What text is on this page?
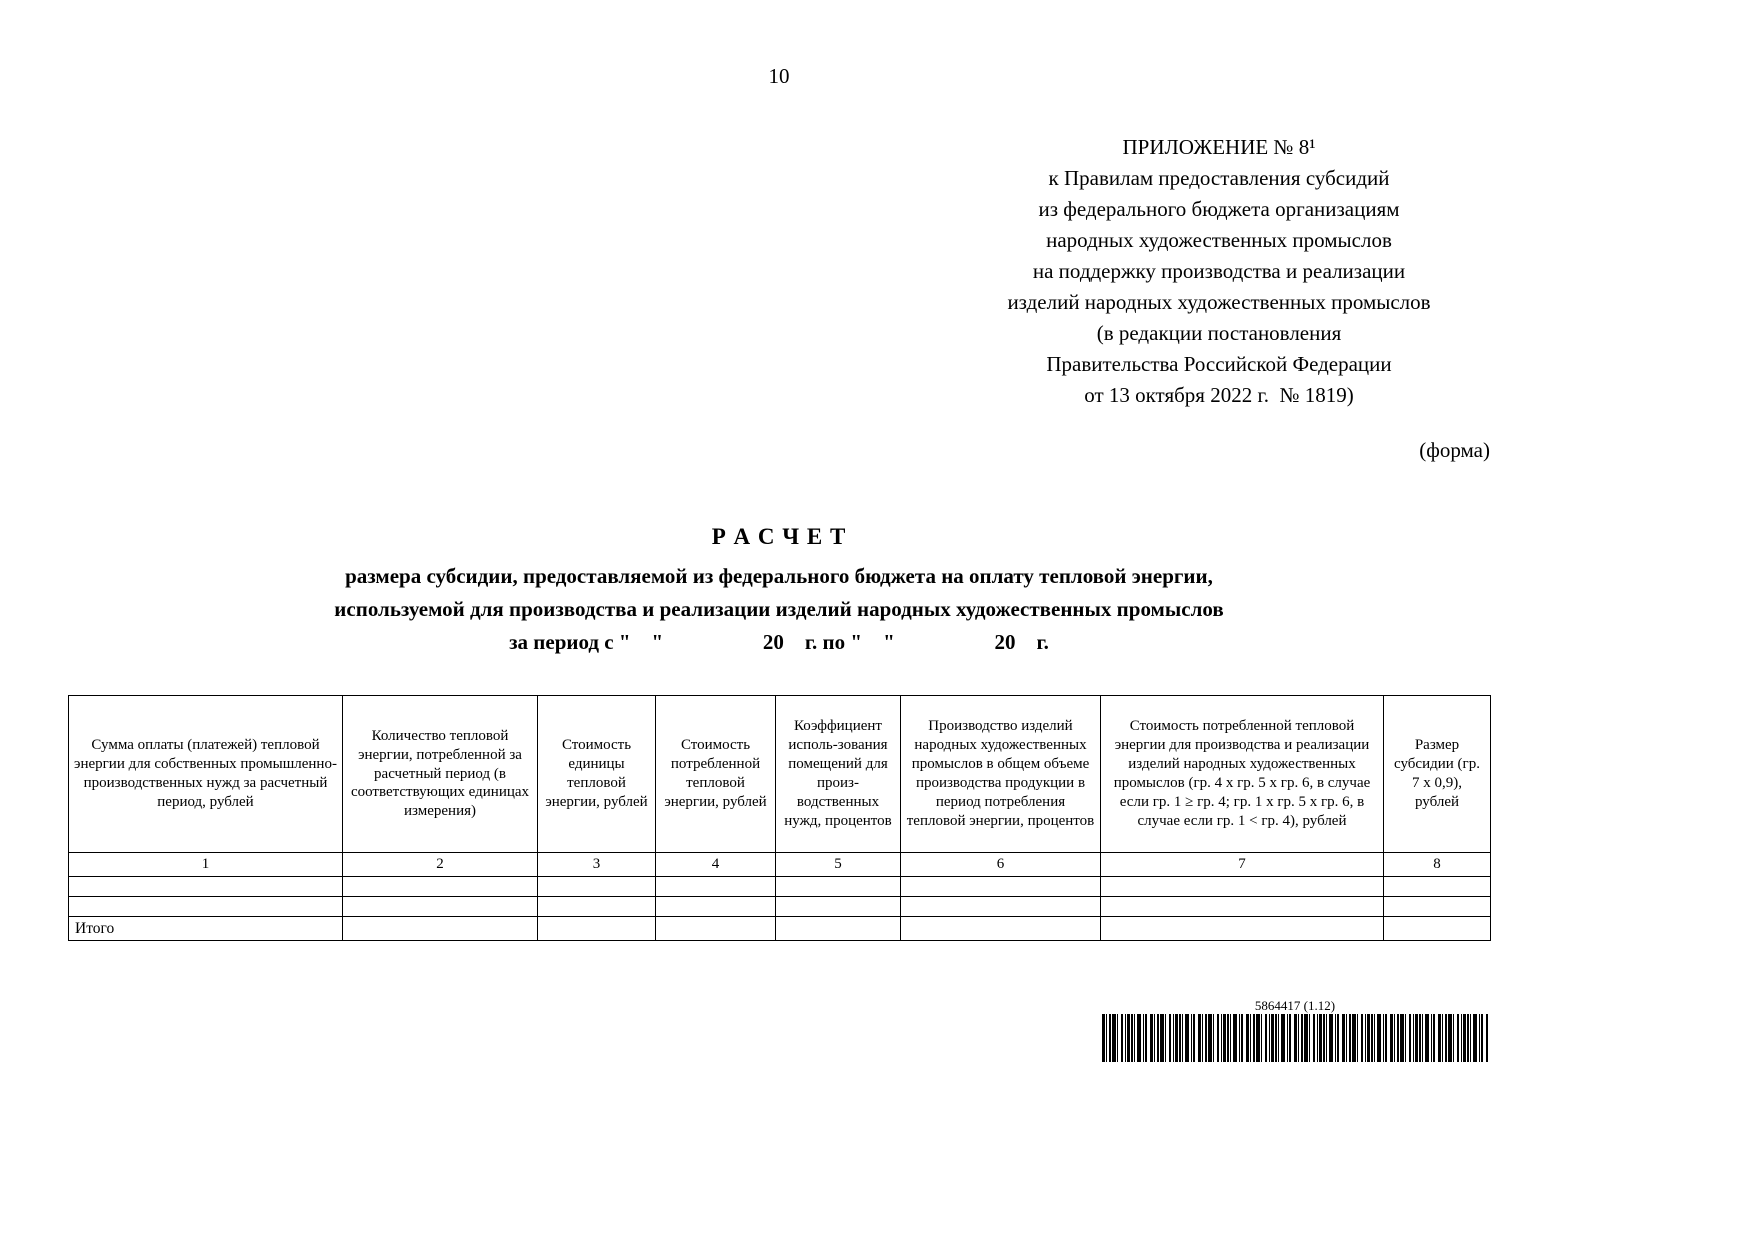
10
ПРИЛОЖЕНИЕ № 8¹
к Правилам предоставления субсидий
из федерального бюджета организациям
народных художественных промыслов
на поддержку производства и реализации
изделий народных художественных промыслов
(в редакции постановления
Правительства Российской Федерации
от 13 октября 2022 г.  № 1819)
(форма)
Р А С Ч Е Т
размера субсидии, предоставляемой из федерального бюджета на оплату тепловой энергии,
используемой для производства и реализации изделий народных художественных промыслов
за период с "    "                   20    г. по "    "                   20    г.
Сумма оплаты (платежей) тепловой энергии для собственных промышленно-производственных нужд за расчетный период, рублей	Количество тепловой энергии, потребленной за расчетный период (в соответствующих единицах измерения)	Стоимость единицы тепловой энергии, рублей	Стоимость потребленной тепловой энергии, рублей	Коэффициент исполь-зования помещений для произ-водственных нужд, процентов	Производство изделий народных художественных промыслов в общем объеме производства продукции в период потребления тепловой энергии, процентов	Стоимость потребленной тепловой энергии для производства и реализации изделий народных художественных промыслов (гр. 4 х гр. 5 х гр. 6, в случае если гр. 1 ≥ гр. 4; гр. 1 х гр. 5 х гр. 6, в случае если гр. 1 < гр. 4), рублей	Размер субсидии (гр. 7 х 0,9), рублей
1	2	3	4	5	6	7	8

Итого							
5864417 (1.12)
